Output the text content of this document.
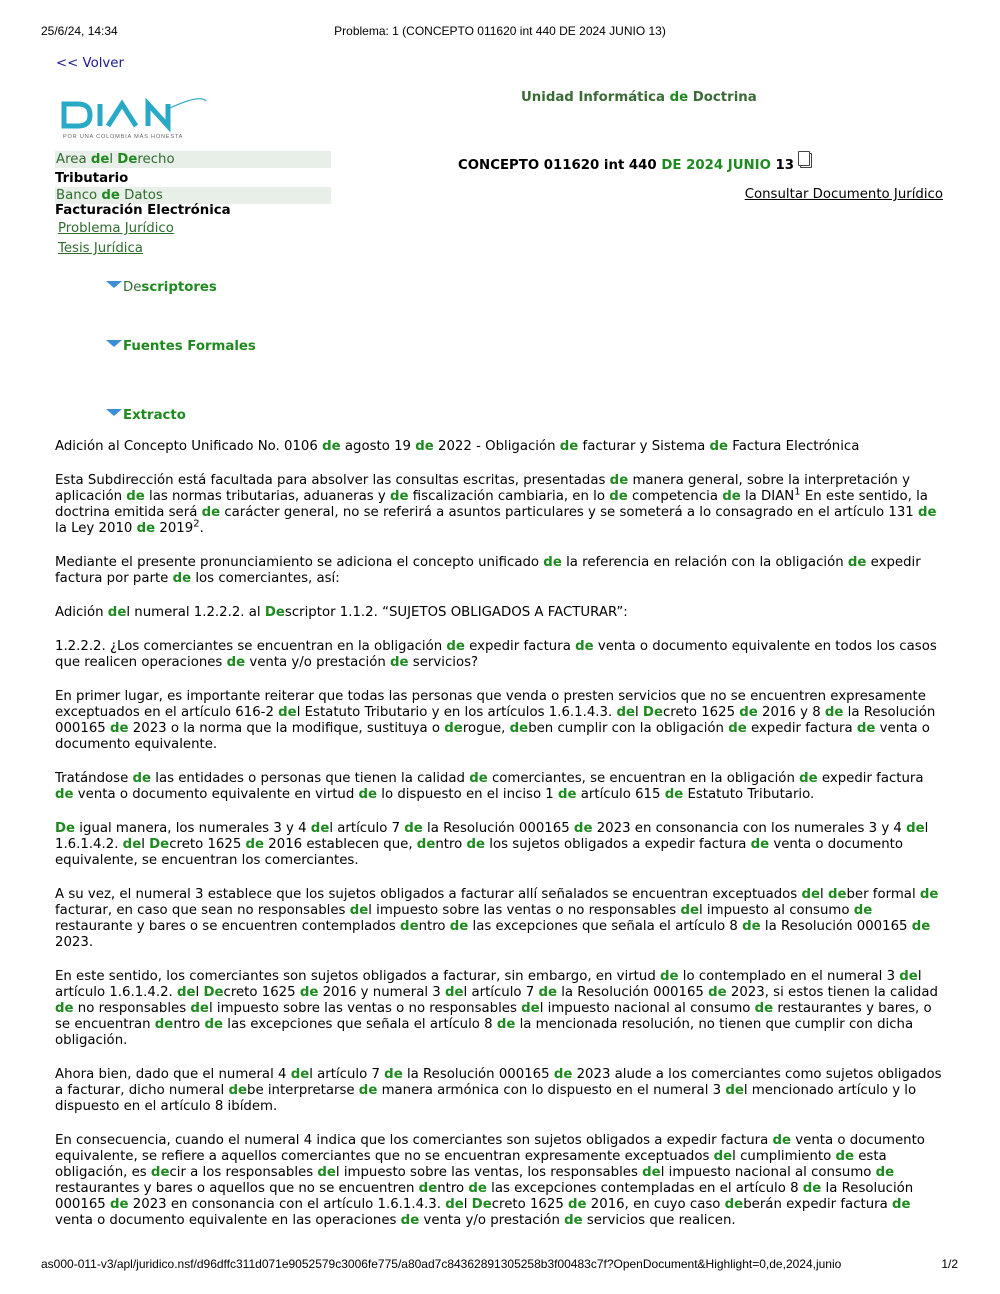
25/6/24, 14:34	Problema: 1 (CONCEPTO 011620 int 440 DE 2024 JUNIO 13)
<< Volver
DIAN
POR UNA COLOMBIA MÁS HONESTA
Unidad Informática de Doctrina
Area del Derecho
Tributario
Banco de Datos
Facturación Electrónica
Problema Jurídico
Tesis Jurídica
CONCEPTO 011620 int 440 DE 2024 JUNIO 13
Consultar Documento Jurídico
Descriptores
Fuentes Formales
Extracto

Adición al Concepto Unificado No. 0106 de agosto 19 de 2022 - Obligación de facturar y Sistema de Factura Electrónica

Esta Subdirección está facultada para absolver las consultas escritas, presentadas de manera general, sobre la interpretación y aplicación de las normas tributarias, aduaneras y de fiscalización cambiaria, en lo de competencia de la DIAN$^1$ En este sentido, la doctrina emitida será de carácter general, no se referirá a asuntos particulares y se someterá a lo consagrado en el artículo 131 de la Ley 2010 de 2019$^2$.

Mediante el presente pronunciamiento se adiciona el concepto unificado de la referencia en relación con la obligación de expedir factura por parte de los comerciantes, así:

Adición del numeral 1.2.2.2. al Descriptor 1.1.2. “SUJETOS OBLIGADOS A FACTURAR”:

1.2.2.2. ¿Los comerciantes se encuentran en la obligación de expedir factura de venta o documento equivalente en todos los casos que realicen operaciones de venta y/o prestación de servicios?

En primer lugar, es importante reiterar que todas las personas que venda o presten servicios que no se encuentren expresamente exceptuados en el artículo 616-2 del Estatuto Tributario y en los artículos 1.6.1.4.3. del Decreto 1625 de 2016 y 8 de la Resolución 000165 de 2023 o la norma que la modifique, sustituya o derogue, deben cumplir con la obligación de expedir factura de venta o documento equivalente.

Tratándose de las entidades o personas que tienen la calidad de comerciantes, se encuentran en la obligación de expedir factura de venta o documento equivalente en virtud de lo dispuesto en el inciso 1 de artículo 615 de Estatuto Tributario.

De igual manera, los numerales 3 y 4 del artículo 7 de la Resolución 000165 de 2023 en consonancia con los numerales 3 y 4 del 1.6.1.4.2. del Decreto 1625 de 2016 establecen que, dentro de los sujetos obligados a expedir factura de venta o documento equivalente, se encuentran los comerciantes.

A su vez, el numeral 3 establece que los sujetos obligados a facturar allí señalados se encuentran exceptuados del deber formal de facturar, en caso que sean no responsables del impuesto sobre las ventas o no responsables del impuesto al consumo de restaurante y bares o se encuentren contemplados dentro de las excepciones que señala el artículo 8 de la Resolución 000165 de 2023.

En este sentido, los comerciantes son sujetos obligados a facturar, sin embargo, en virtud de lo contemplado en el numeral 3 del artículo 1.6.1.4.2. del Decreto 1625 de 2016 y numeral 3 del artículo 7 de la Resolución 000165 de 2023, si estos tienen la calidad de no responsables del impuesto sobre las ventas o no responsables del impuesto nacional al consumo de restaurantes y bares, o se encuentran dentro de las excepciones que señala el artículo 8 de la mencionada resolución, no tienen que cumplir con dicha obligación.

Ahora bien, dado que el numeral 4 del artículo 7 de la Resolución 000165 de 2023 alude a los comerciantes como sujetos obligados a facturar, dicho numeral debe interpretarse de manera armónica con lo dispuesto en el numeral 3 del mencionado artículo y lo dispuesto en el artículo 8 ibídem.

En consecuencia, cuando el numeral 4 indica que los comerciantes son sujetos obligados a expedir factura de venta o documento equivalente, se refiere a aquellos comerciantes que no se encuentran expresamente exceptuados del cumplimiento de esta obligación, es decir a los responsables del impuesto sobre las ventas, los responsables del impuesto nacional al consumo de restaurantes y bares o aquellos que no se encuentren dentro de las excepciones contempladas en el artículo 8 de la Resolución 000165 de 2023 en consonancia con el artículo 1.6.1.4.3. del Decreto 1625 de 2016, en cuyo caso deberán expedir factura de venta o documento equivalente en las operaciones de venta y/o prestación de servicios que realicen.

as000-011-v3/apl/juridico.nsf/d96dffc311d071e9052579c3006fe775/a80ad7c84362891305258b3f00483c7f?OpenDocument&Highlight=0,de,2024,junio	1/2
